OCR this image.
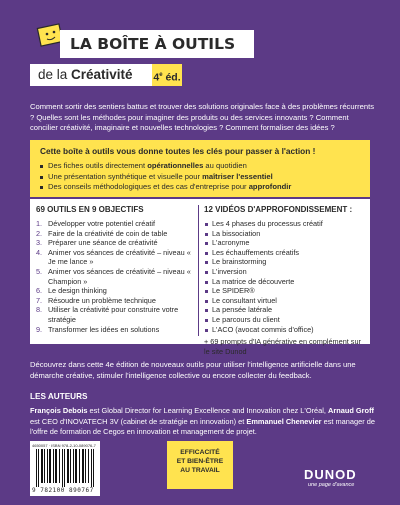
LA BOÎTE À OUTILS
de la Créativité	4e éd.

Comment sortir des sentiers battus et trouver des solutions originales face à des problèmes récurrents ? Quelles sont les méthodes pour imaginer des produits ou des services innovants ? Comment concilier créativité, imaginaire et nouvelles technologies ? Comment formaliser des idées ?

Cette boîte à outils vous donne toutes les clés pour passer à l'action !
Des fiches outils directement opérationnelles au quotidien
Une présentation synthétique et visuelle pour maîtriser l'essentiel
Des conseils méthodologiques et des cas d'entreprise pour approfondir
69 OUTILS EN 9 OBJECTIFS
1. Développer votre potentiel créatif
2. Faire de la créativité de coin de table
3. Préparer une séance de créativité
4. Animer vos séances de créativité – niveau « Je me lance »
5. Animer vos séances de créativité – niveau « Champion »
6. Le design thinking
7. Résoudre un problème technique
8. Utiliser la créativité pour construire votre stratégie
9. Transformer les idées en solutions
12 VIDÉOS D'APPROFONDISSEMENT :
Les 4 phases du processus créatif
La bissociation
L'acronyme
Les échauffements créatifs
Le brainstorming
L'inversion
La matrice de découverte
Le SPIDER®
Le consultant virtuel
La pensée latérale
Le parcours du client
L'ACO (avocat commis d'office)
+ 69 prompts d'IA générative en complément sur le site Dunod

Découvrez dans cette 4e édition de nouveaux outils pour utiliser l'intelligence artificielle dans une démarche créative, stimuler l'intelligence collective ou encore collecter du feedback.

LES AUTEURS

François Debois est Global Director for Learning Excellence and Innovation chez L'Oréal, Arnaud Groff est CEO d'INOVATECH 3V (cabinet de stratégie en innovation) et Emmanuel Chenevier est manager de l'offre de formation de Cegos en innovation et management de projet.

4650057 · ISBN 978-2-10-089076-7
9 782100 890767
EFFICACITÉ
ET BIEN-ÊTRE
AU TRAVAIL	DUNOD
une page d'avance
